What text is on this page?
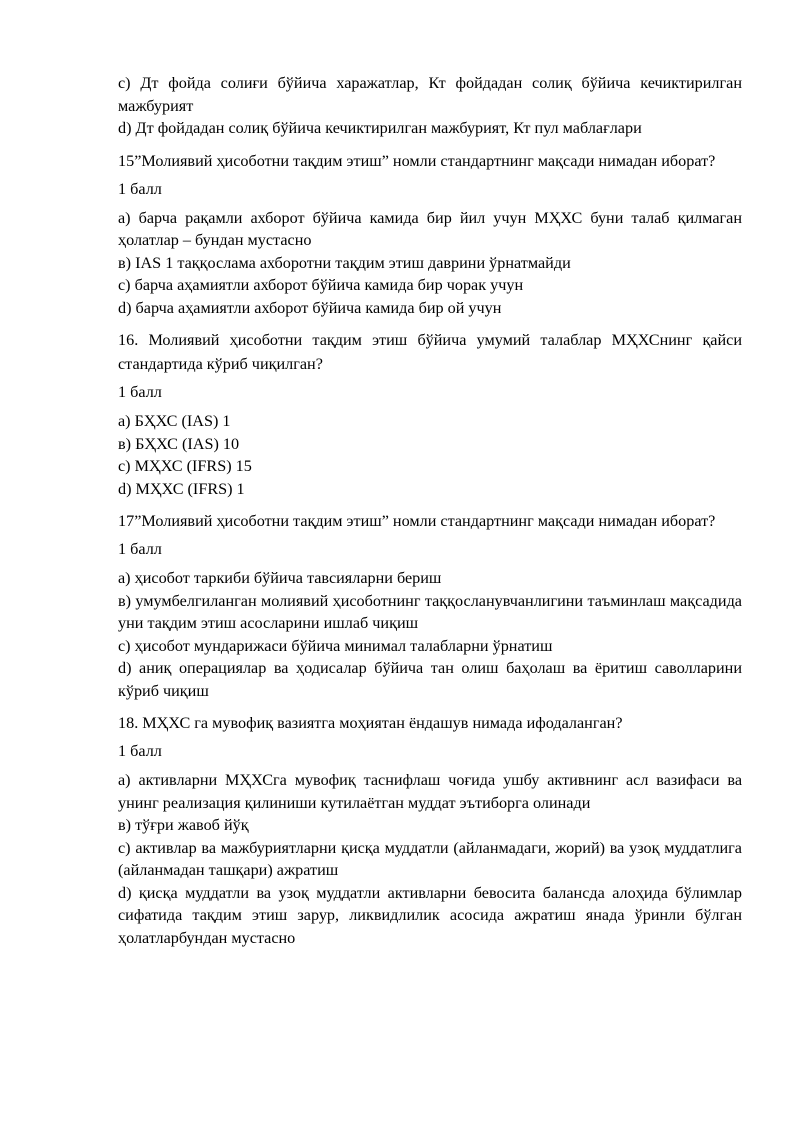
c) Дт фойда солиғи бўйича харажатлар, Кт фойдадан солиқ бўйича кечиктирилган мажбурият
d) Дт фойдадан солиқ бўйича кечиктирилган мажбурият, Кт пул маблағлари
15”Молиявий ҳисоботни тақдим этиш” номли стандартнинг мақсади нимадан иборат?
1 балл
а) барча рақамли ахборот бўйича камида бир йил учун МҲХС буни талаб қилмаган ҳолатлар – бундан мустасно
в) IAS 1 таққослама ахборотни тақдим этиш даврини ўрнатмайди
c) барча аҳамиятли ахборот бўйича камида бир чорак учун
d) барча аҳамиятли ахборот бўйича камида бир ой учун
16. Молиявий ҳисоботни тақдим этиш бўйича умумий талаблар МҲХСнинг қайси стандартида кўриб чиқилган?
1 балл
а) БҲХС (IAS) 1
в) БҲХС (IAS) 10
c) МҲХС (IFRS) 15
d) МҲХС (IFRS) 1
17”Молиявий ҳисоботни тақдим этиш” номли стандартнинг мақсади нимадан иборат?
1 балл
а) ҳисобот таркиби бўйича тавсияларни бериш
в) умумбелгиланган молиявий ҳисоботнинг таққосланувчанлигини таъминлаш мақсадида уни тақдим этиш асосларини ишлаб чиқиш
c) ҳисобот мундарижаси бўйича минимал талабларни ўрнатиш
d) аниқ операциялар ва ҳодисалар бўйича тан олиш баҳолаш ва ёритиш саволларини кўриб чиқиш
18. МҲХС га мувофиқ вазиятга моҳиятан ёндашув нимада ифодаланган?
1 балл
а) активларни МҲХСга мувофиқ таснифлаш чоғида ушбу активнинг асл вазифаси ва унинг реализация қилиниши кутилаётган муддат эътиборга олинади
в) тўғри жавоб йўқ
c) активлар ва мажбуриятларни қисқа муддатли (айланмадаги, жорий) ва узоқ муддатлига (айланмадан ташқари) ажратиш
d) қисқа муддатли ва узоқ муддатли активларни бевосита балансда алоҳида бўлимлар сифатида тақдим этиш зарур, ликвидлилик асосида ажратиш янада ўринли бўлган ҳолатларбундан мустасно
